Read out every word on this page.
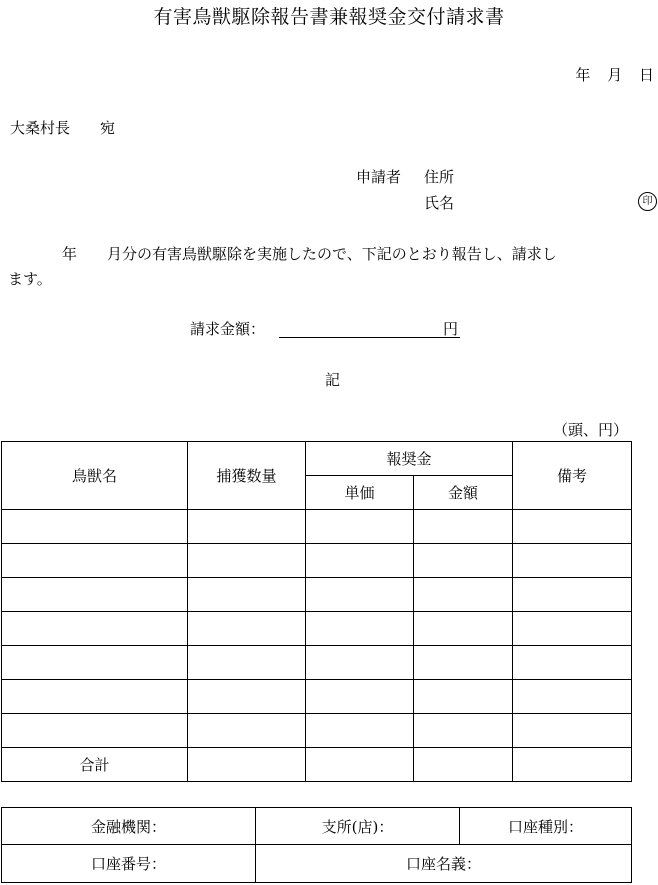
有害鳥獣駆除報告書兼報奨金交付請求書
年 月 日
大桑村長 宛
申請者 住所
氏名	印
年 月分の有害鳥獣駆除を実施したので、下記のとおり報告し、請求し
ます。
請求金額：	円
記
（頭、円）
鳥獣名	捕獲数量	報奨金		備考
		単価	金額	

合計				
金融機関：	支所(店)：	口座種別：
口座番号：	口座名義：	
